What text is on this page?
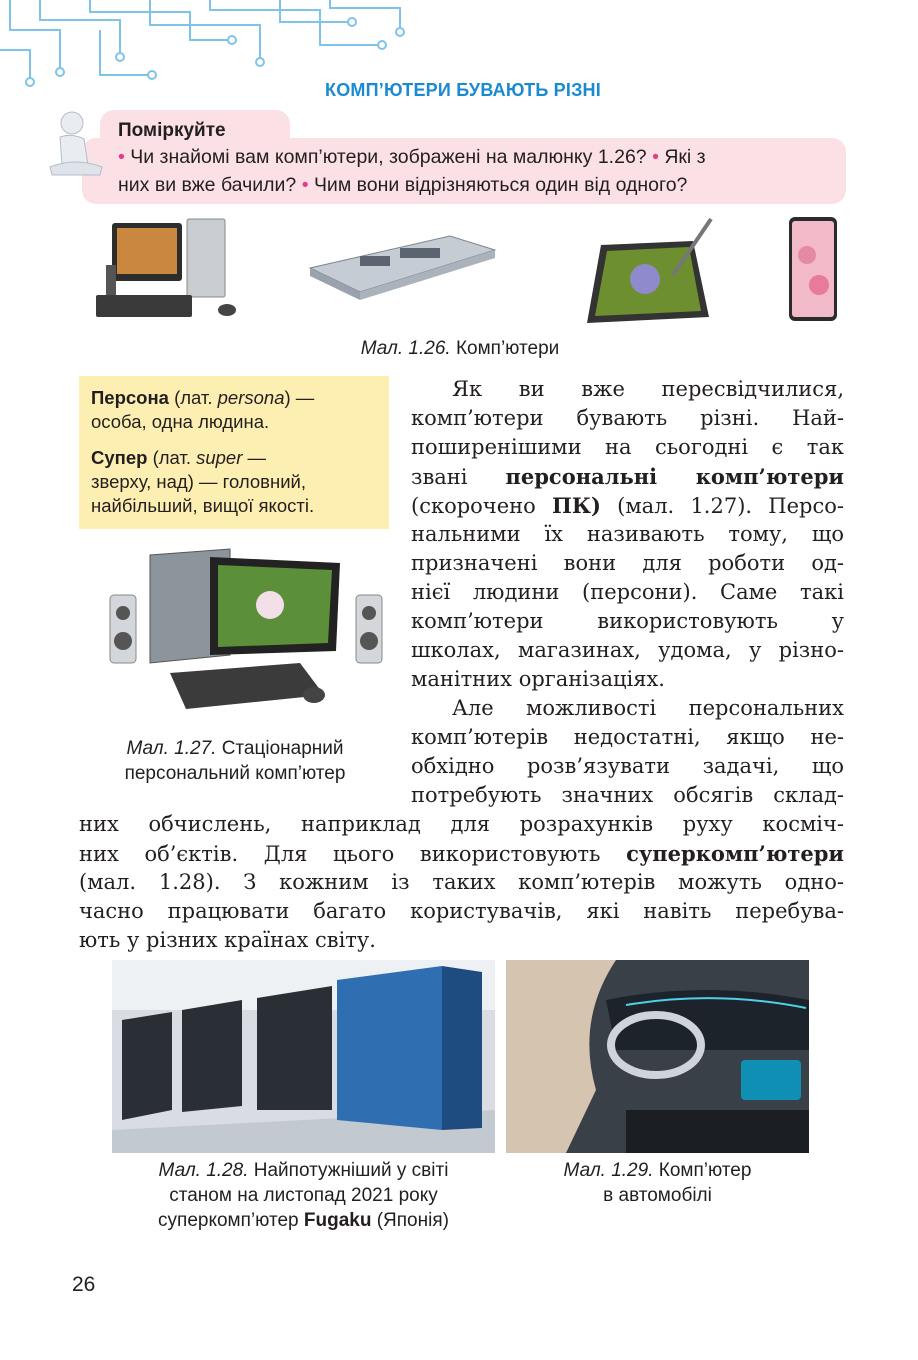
КОМП’ЮТЕРИ БУВАЮТЬ РІЗНІ
Поміркуйте
• Чи знайомі вам комп’ютери, зображені на малюнку 1.26? • Які з
них ви вже бачили? • Чим вони відрізняються один від одного?
Мал. 1.26. Комп’ютери

Персона (лат. persona) —
особа, одна людина.

Супер (лат. super —
зверху, над) — головний,
найбільший, вищої якості.

Мал. 1.27. Стаціонарний
персональний комп’ютер
Як ви вже пересвідчилися,
комп’ютери бувають різні. Най-
поширенішими на сьогодні є так
звані персональні комп’ютери
(скорочено ПК) (мал. 1.27). Персо-
нальними їх називають тому, що
призначені вони для роботи од-
нієї людини (персони). Саме такі
комп’ютери використовують у
школах, магазинах, удома, у різно-
манітних організаціях.
Але можливості персональних
комп’ютерів недостатні, якщо не-
обхідно розв’язувати задачі, що
потребують значних обсягів склад-
них обчислень, наприклад для розрахунків руху косміч-
них об’єктів. Для цього використовують суперкомп’ютери
(мал. 1.28). З кожним із таких комп’ютерів можуть одно-
часно працювати багато користувачів, які навіть перебува-
ють у різних країнах світу.
Мал. 1.28. Найпотужніший у світі
станом на листопад 2021 року
суперкомп’ютер Fugaku (Японія)
Мал. 1.29. Комп’ютер
в автомобілі
26
